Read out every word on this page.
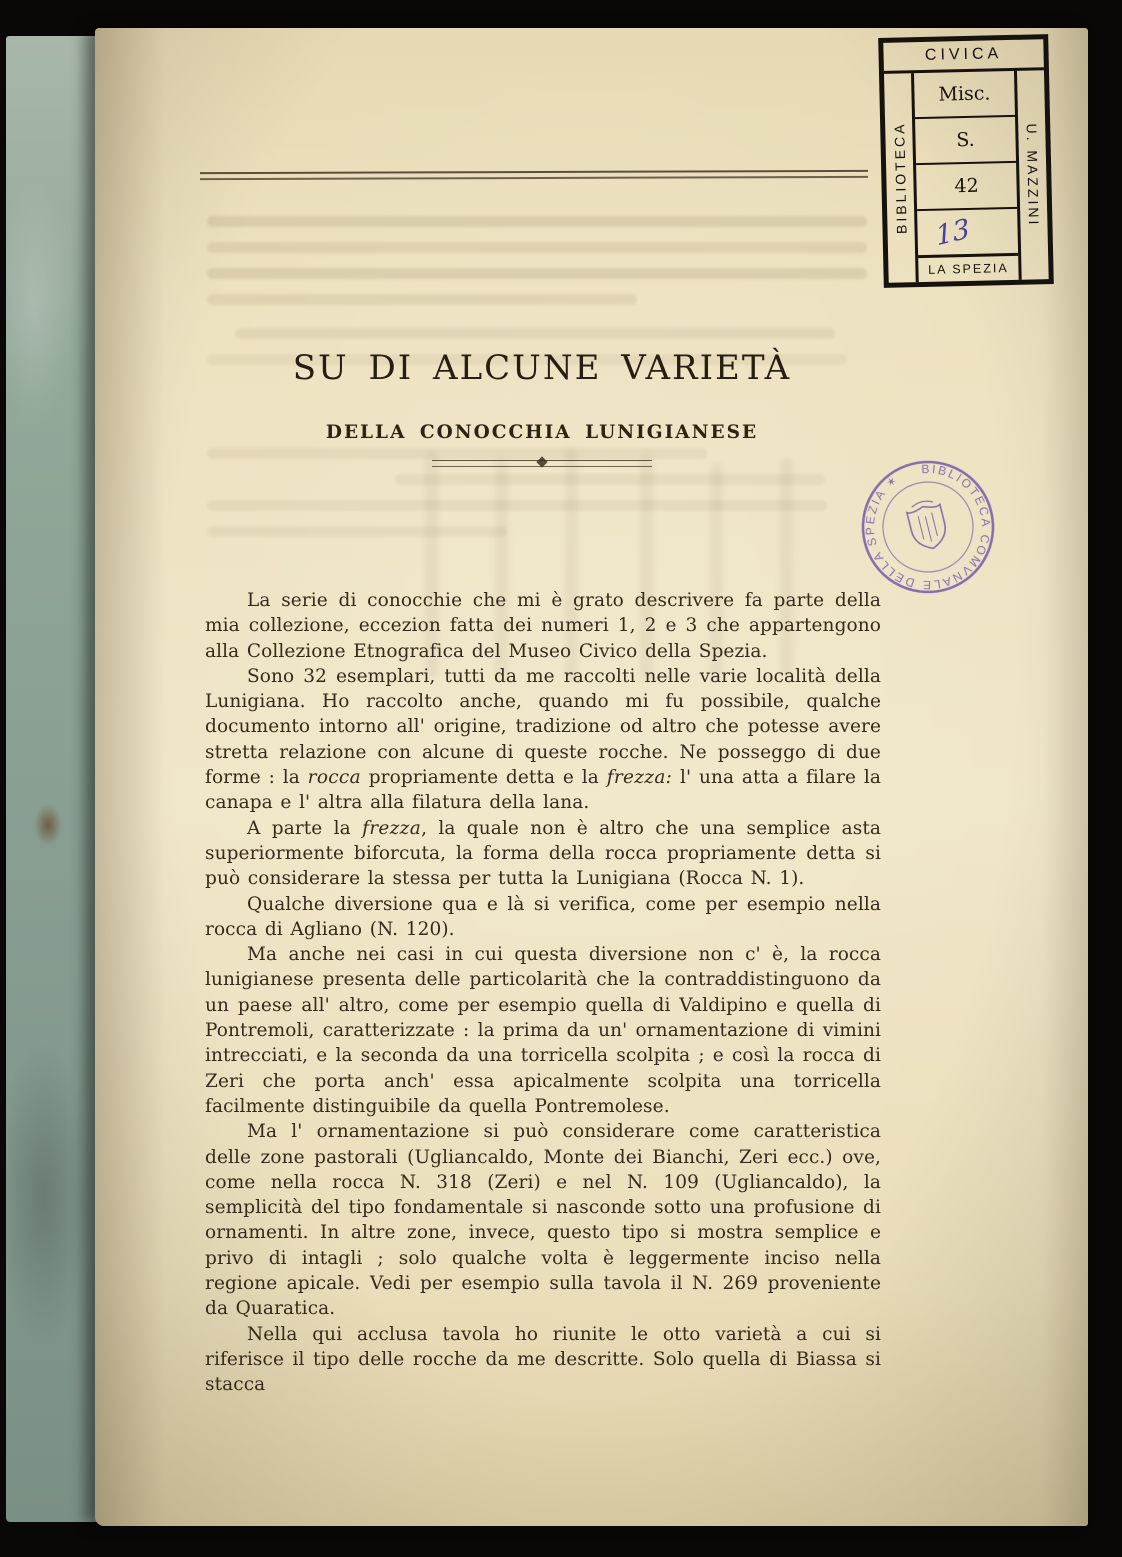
CIVICA
BIBLIOTECA
Misc.
S.
42
13
LA SPEZIA
U. MAZZINI
BIBLIOTECA COMVNALE DELLA SPEZIA ✶
SU DI ALCUNE VARIETÀ
DELLA CONOCCHIA LUNIGIANESE

La serie di conocchie che mi è grato descrivere fa parte della mia collezione, eccezion fatta dei numeri 1, 2 e 3 che appartengono alla Collezione Etnografica del Museo Civico della Spezia.

Sono 32 esemplari, tutti da me raccolti nelle varie località della Lunigiana. Ho raccolto anche, quando mi fu possibile, qualche documento intorno all' origine, tradizione od altro che potesse avere stretta relazione con alcune di queste rocche. Ne posseggo di due forme : la rocca propriamente detta e la frezza: l' una atta a filare la canapa e l' altra alla filatura della lana.

A parte la frezza, la quale non è altro che una semplice asta superiormente biforcuta, la forma della rocca propriamente detta si può considerare la stessa per tutta la Lunigiana (Rocca N. 1).

Qualche diversione qua e là si verifica, come per esempio nella rocca di Agliano (N. 120).

Ma anche nei casi in cui questa diversione non c' è, la rocca lunigianese presenta delle particolarità che la contraddistinguono da un paese all' altro, come per esempio quella di Valdipino e quella di Pontremoli, caratterizzate : la prima da un' ornamentazione di vimini intrecciati, e la seconda da una torricella scolpita ; e così la rocca di Zeri che porta anch' essa apicalmente scolpita una torricella facilmente distinguibile da quella Pontremolese.

Ma l' ornamentazione si può considerare come caratteristica delle zone pastorali (Ugliancaldo, Monte dei Bianchi, Zeri ecc.) ove, come nella rocca N. 318 (Zeri) e nel N. 109 (Ugliancaldo), la semplicità del tipo fondamentale si nasconde sotto una profusione di ornamenti. In altre zone, invece, questo tipo si mostra semplice e privo di intagli ; solo qualche volta è leggermente inciso nella regione apicale. Vedi per esempio sulla tavola il N. 269 proveniente da Quaratica.

Nella qui acclusa tavola ho riunite le otto varietà a cui si riferisce il tipo delle rocche da me descritte. Solo quella di Biassa si stacca
